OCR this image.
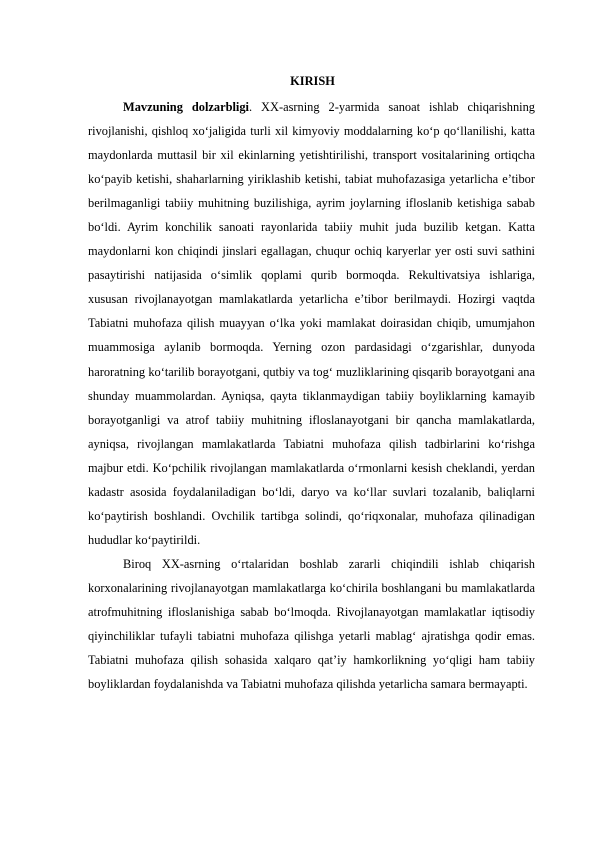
KIRISH

Mavzuning dolzarbligi. XX-asrning 2-yarmida sanoat ishlab chiqarishning rivojlanishi, qishloq xo‘jaligida turli xil kimyoviy moddalarning ko‘p qo‘llanilishi, katta maydonlarda muttasil bir xil ekinlarning yetishtirilishi, transport vositalarining ortiqcha ko‘payib ketishi, shaharlarning yiriklashib ketishi, tabiat muhofazasiga yetarlicha e’tibor berilmaganligi tabiiy muhitning buzilishiga, ayrim joylarning ifloslanib ketishiga sabab bo‘ldi. Ayrim konchilik sanoati rayonlarida tabiiy muhit juda buzilib ketgan. Katta maydonlarni kon chiqindi jinslari egallagan, chuqur ochiq karyerlar yer osti suvi sathini pasaytirishi natijasida o‘simlik qoplami qurib bormoqda. Rekultivatsiya ishlariga, xususan rivojlanayotgan mamlakatlarda yetarlicha e’tibor berilmaydi. Hozirgi vaqtda Tabiatni muhofaza qilish muayyan o‘lka yoki mamlakat doirasidan chiqib, umumjahon muammosiga aylanib bormoqda. Yerning ozon pardasidagi o‘zgarishlar, dunyoda haroratning ko‘tarilib borayotgani, qutbiy va tog‘ muzliklarining qisqarib borayotgani ana shunday muammolardan. Ayniqsa, qayta tiklanmaydigan tabiiy boyliklarning kamayib borayotganligi va atrof tabiiy muhitning ifloslanayotgani bir qancha mamlakatlarda, ayniqsa, rivojlangan mamlakatlarda Tabiatni muhofaza qilish tadbirlarini ko‘rishga majbur etdi. Ko‘pchilik rivojlangan mamlakatlarda o‘rmonlarni kesish cheklandi, yerdan kadastr asosida foydalaniladigan bo‘ldi, daryo va ko‘llar suvlari tozalanib, baliqlarni ko‘paytirish boshlandi. Ovchilik tartibga solindi, qo‘riqxonalar, muhofaza qilinadigan hududlar ko‘paytirildi.

Biroq XX-asrning o‘rtalaridan boshlab zararli chiqindili ishlab chiqarish korxonalarining rivojlanayotgan mamlakatlarga ko‘chirila boshlangani bu mamlakatlarda atrofmuhitning ifloslanishiga sabab bo‘lmoqda. Rivojlanayotgan mamlakatlar iqtisodiy qiyinchiliklar tufayli tabiatni muhofaza qilishga yetarli mablag‘ ajratishga qodir emas. Tabiatni muhofaza qilish sohasida xalqaro qat’iy hamkorlikning yo‘qligi ham tabiiy boyliklardan foydalanishda va Tabiatni muhofaza qilishda yetarlicha samara bermayapti.
